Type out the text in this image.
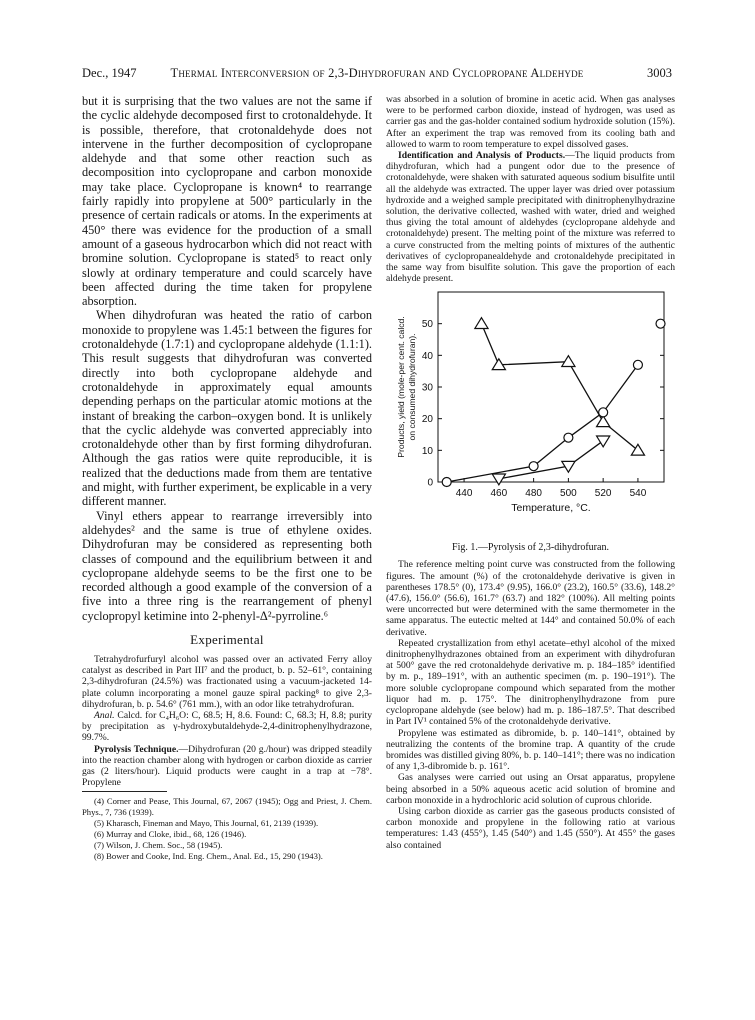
Dec., 1947	Thermal Interconversion of 2,3-Dihydrofuran and Cyclopropane Aldehyde	3003

but it is surprising that the two values are not the same if the cyclic aldehyde decomposed first to crotonaldehyde. It is possible, therefore, that crotonaldehyde does not intervene in the further decomposition of cyclopropane aldehyde and that some other reaction such as decomposition into cyclopropane and carbon monoxide may take place. Cyclopropane is known⁴ to rearrange fairly rapidly into propylene at 500° particularly in the presence of certain radicals or atoms. In the experiments at 450° there was evidence for the production of a small amount of a gaseous hydrocarbon which did not react with bromine solution. Cyclopropane is stated⁵ to react only slowly at ordinary temperature and could scarcely have been affected during the time taken for propylene absorption.

When dihydrofuran was heated the ratio of carbon monoxide to propylene was 1.45:1 between the figures for crotonaldehyde (1.7:1) and cyclopropane aldehyde (1.1:1). This result suggests that dihydrofuran was converted directly into both cyclopropane aldehyde and crotonaldehyde in approximately equal amounts depending perhaps on the particular atomic motions at the instant of breaking the carbon–oxygen bond. It is unlikely that the cyclic aldehyde was converted appreciably into crotonaldehyde other than by first forming dihydrofuran. Although the gas ratios were quite reproducible, it is realized that the deductions made from them are tentative and might, with further experiment, be explicable in a very different manner.

Vinyl ethers appear to rearrange irreversibly into aldehydes² and the same is true of ethylene oxides. Dihydrofuran may be considered as representing both classes of compound and the equilibrium between it and cyclopropane aldehyde seems to be the first one to be recorded although a good example of the conversion of a five into a three ring is the rearrangement of phenyl cyclopropyl ketimine into 2-phenyl-Δ²-pyrroline.⁶

Experimental

Tetrahydrofurfuryl alcohol was passed over an activated Ferry alloy catalyst as described in Part III⁷ and the product, b. p. 52–61°, containing 2,3-dihydrofuran (24.5%) was fractionated using a vacuum-jacketed 14-plate column incorporating a monel gauze spiral packing⁸ to give 2,3-dihydrofuran, b. p. 54.6° (761 mm.), with an odor like tetrahydrofuran.

Anal. Calcd. for C₄H₆O: C, 68.5; H, 8.6. Found: C, 68.3; H, 8.8; purity by precipitation as γ-hydroxybutaldehyde-2,4-dinitrophenylhydrazone, 99.7%.

Pyrolysis Technique.—Dihydrofuran (20 g./hour) was dripped steadily into the reaction chamber along with hydrogen or carbon dioxide as carrier gas (2 liters/hour). Liquid products were caught in a trap at −78°. Propylene

(4) Corner and Pease, This Journal, 67, 2067 (1945); Ogg and Priest, J. Chem. Phys., 7, 736 (1939).

(5) Kharasch, Fineman and Mayo, This Journal, 61, 2139 (1939).

(6) Murray and Cloke, ibid., 68, 126 (1946).

(7) Wilson, J. Chem. Soc., 58 (1945).

(8) Bower and Cooke, Ind. Eng. Chem., Anal. Ed., 15, 290 (1943).

was absorbed in a solution of bromine in acetic acid. When gas analyses were to be performed carbon dioxide, instead of hydrogen, was used as carrier gas and the gas-holder contained sodium hydroxide solution (15%). After an experiment the trap was removed from its cooling bath and allowed to warm to room temperature to expel dissolved gases.

Identification and Analysis of Products.—The liquid products from dihydrofuran, which had a pungent odor due to the presence of crotonaldehyde, were shaken with saturated aqueous sodium bisulfite until all the aldehyde was extracted. The upper layer was dried over potassium hydroxide and a weighed sample precipitated with dinitrophenylhydrazine solution, the derivative collected, washed with water, dried and weighed thus giving the total amount of aldehydes (cyclopropane aldehyde and crotonaldehyde) present. The melting point of the mixture was referred to a curve constructed from the melting points of mixtures of the authentic derivatives of cyclopropanealdehyde and crotonaldehyde precipitated in the same way from bisulfite solution. This gave the proportion of each aldehyde present.

0
10
20
30
40
50
440 460 480 500 520 540
Temperature, °C.
Products, yield (mole-per cent. calcd.on consumed dihydrofuran).

Fig. 1.—Pyrolysis of 2,3-dihydrofuran.

The reference melting point curve was constructed from the following figures. The amount (%) of the crotonaldehyde derivative is given in parentheses 178.5° (0), 173.4° (9.95), 166.0° (23.2), 160.5° (33.6), 148.2° (47.6), 156.0° (56.6), 161.7° (63.7) and 182° (100%). All melting points were uncorrected but were determined with the same thermometer in the same apparatus. The eutectic melted at 144° and contained 50.0% of each derivative.

Repeated crystallization from ethyl acetate–ethyl alcohol of the mixed dinitrophenylhydrazones obtained from an experiment with dihydrofuran at 500° gave the red crotonaldehyde derivative m. p. 184–185° identified by m. p., 189–191°, with an authentic specimen (m. p. 190–191°). The more soluble cyclopropane compound which separated from the mother liquor had m. p. 175°. The dinitrophenylhydrazone from pure cyclopropane aldehyde (see below) had m. p. 186–187.5°. That described in Part IV¹ contained 5% of the crotonaldehyde derivative.

Propylene was estimated as dibromide, b. p. 140–141°, obtained by neutralizing the contents of the bromine trap. A quantity of the crude bromides was distilled giving 80%, b. p. 140–141°; there was no indication of any 1,3-dibromide b. p. 161°.

Gas analyses were carried out using an Orsat apparatus, propylene being absorbed in a 50% aqueous acetic acid solution of bromine and carbon monoxide in a hydrochloric acid solution of cuprous chloride.

Using carbon dioxide as carrier gas the gaseous products consisted of carbon monoxide and propylene in the following ratio at various temperatures: 1.43 (455°), 1.45 (540°) and 1.45 (550°). At 455° the gases also contained
